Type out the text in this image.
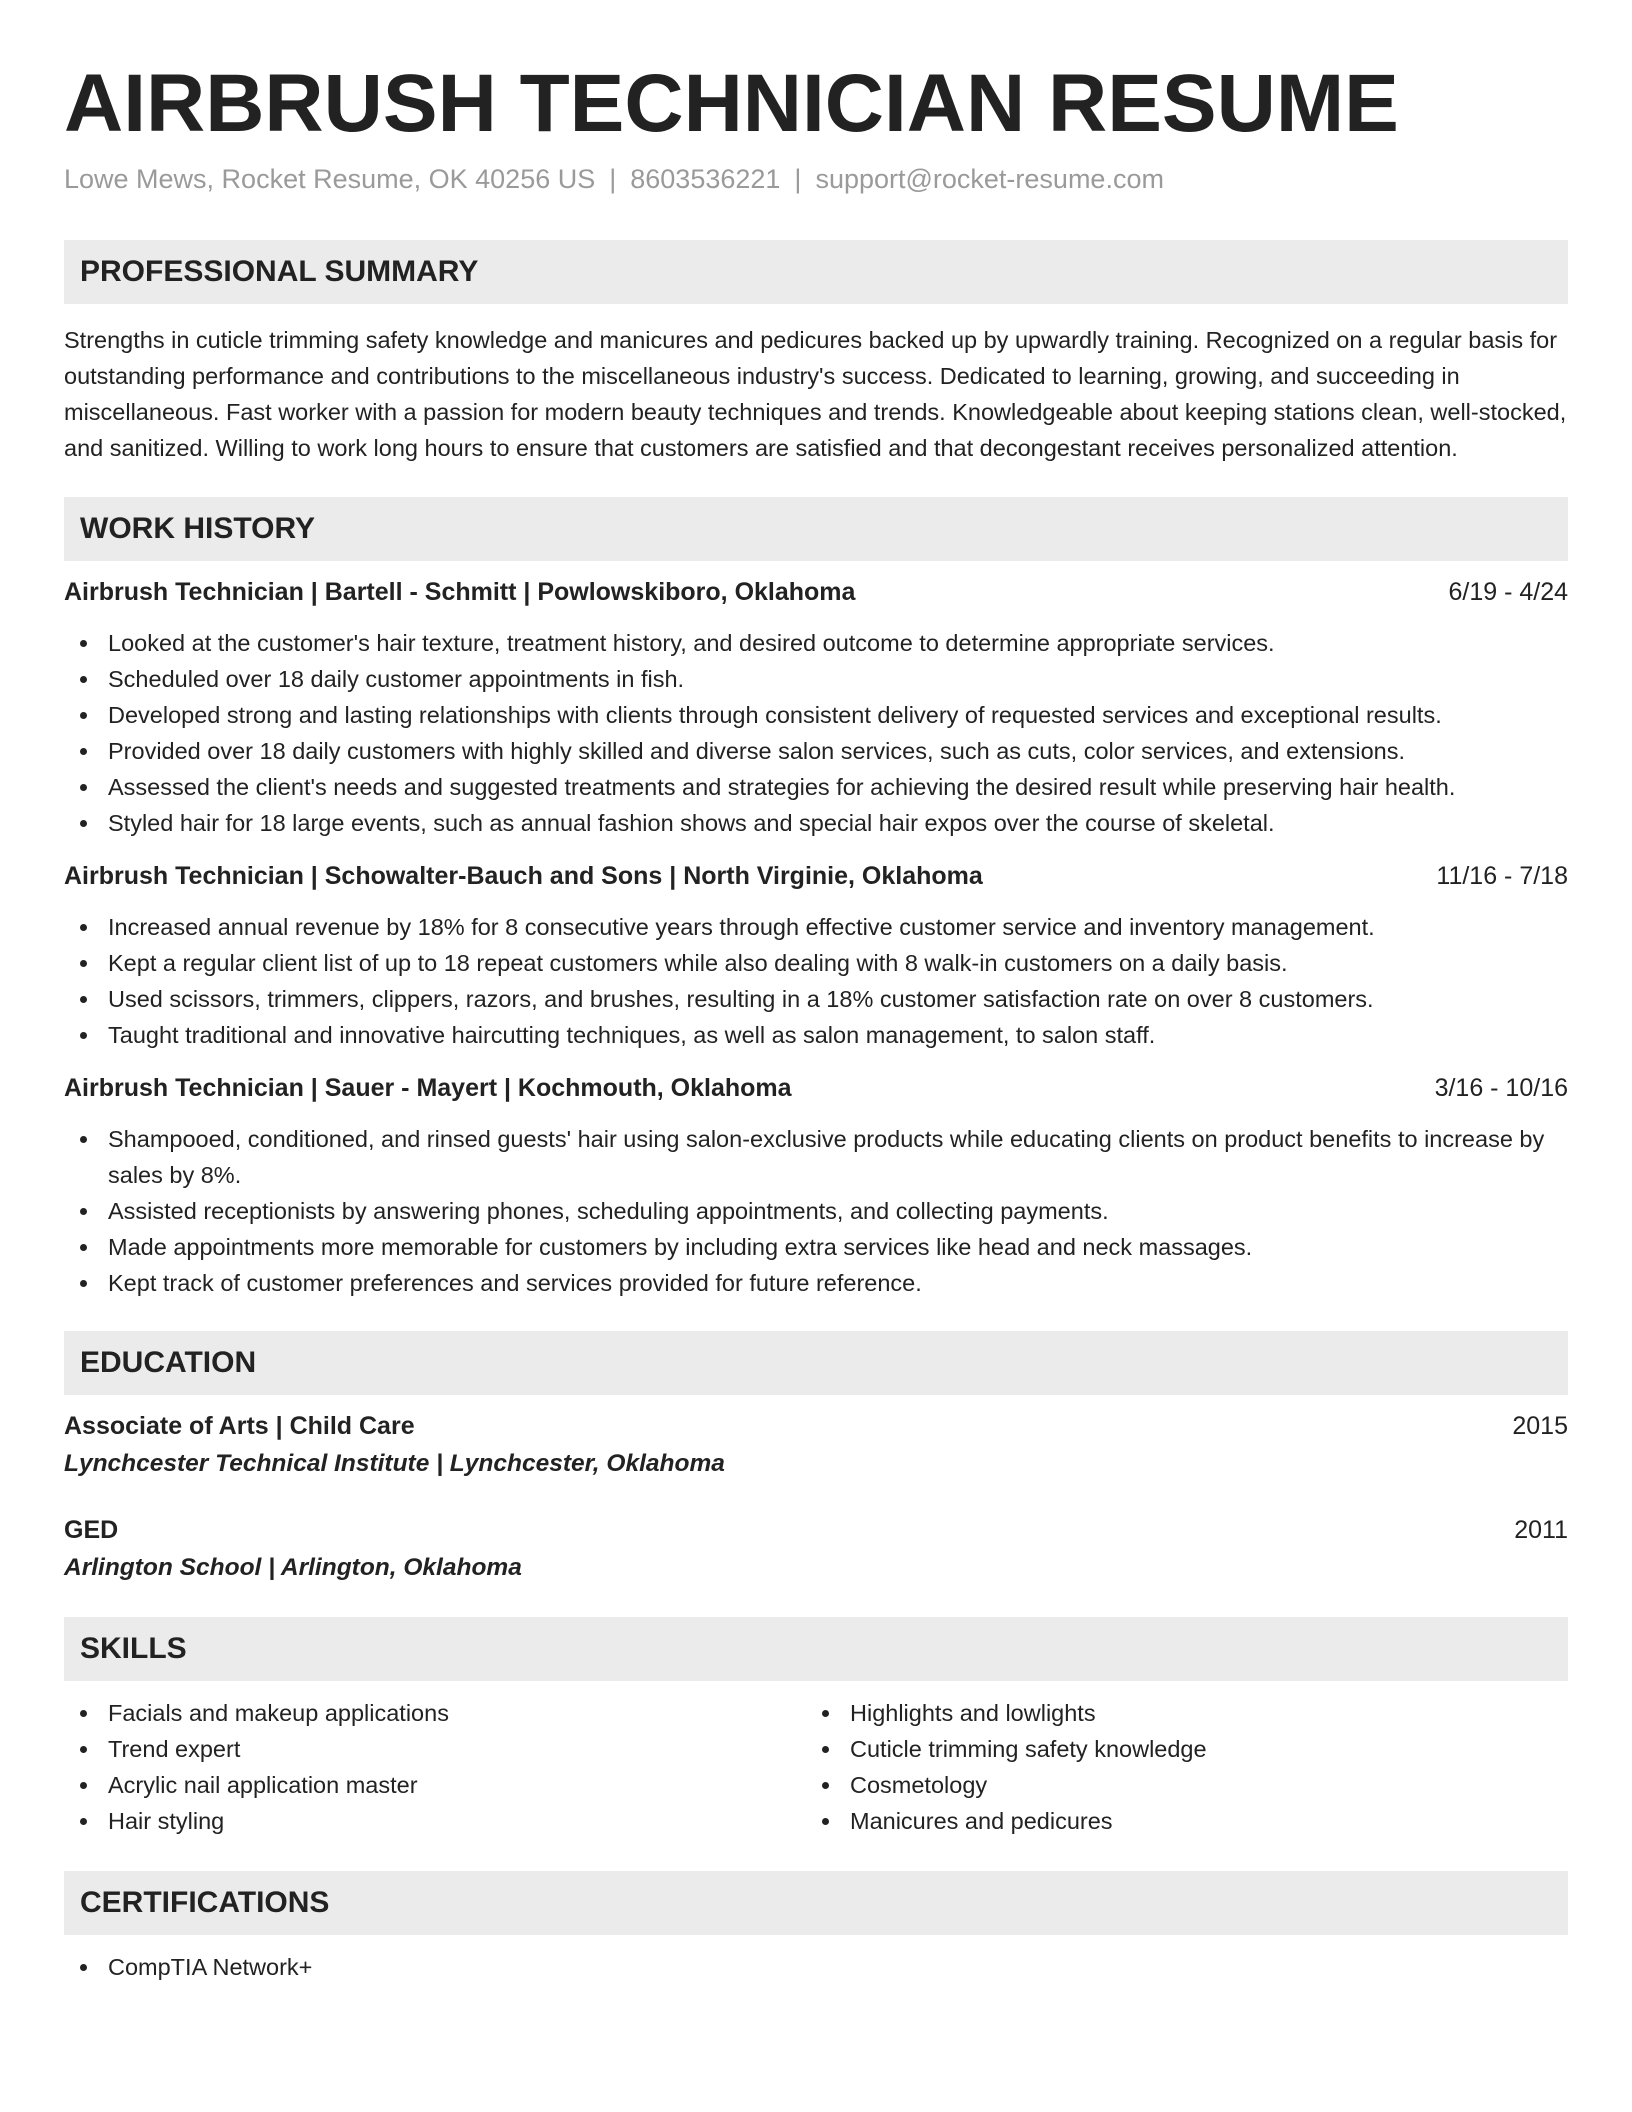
AIRBRUSH TECHNICIAN RESUME
Lowe Mews, Rocket Resume, OK 40256 US | 8603536221 | support@rocket-resume.com
PROFESSIONAL SUMMARY

Strengths in cuticle trimming safety knowledge and manicures and pedicures backed up by upwardly training. Recognized on a regular basis for outstanding performance and contributions to the miscellaneous industry's success. Dedicated to learning, growing, and succeeding in miscellaneous. Fast worker with a passion for modern beauty techniques and trends. Knowledgeable about keeping stations clean, well-stocked, and sanitized. Willing to work long hours to ensure that customers are satisfied and that decongestant receives personalized attention.

WORK HISTORY
Airbrush Technician | Bartell - Schmitt | Powlowskiboro, Oklahoma	6/19 - 4/24
Looked at the customer's hair texture, treatment history, and desired outcome to determine appropriate services.
Scheduled over 18 daily customer appointments in fish.
Developed strong and lasting relationships with clients through consistent delivery of requested services and exceptional results.
Provided over 18 daily customers with highly skilled and diverse salon services, such as cuts, color services, and extensions.
Assessed the client's needs and suggested treatments and strategies for achieving the desired result while preserving hair health.
Styled hair for 18 large events, such as annual fashion shows and special hair expos over the course of skeletal.
Airbrush Technician | Schowalter-Bauch and Sons | North Virginie, Oklahoma	11/16 - 7/18
Increased annual revenue by 18% for 8 consecutive years through effective customer service and inventory management.
Kept a regular client list of up to 18 repeat customers while also dealing with 8 walk-in customers on a daily basis.
Used scissors, trimmers, clippers, razors, and brushes, resulting in a 18% customer satisfaction rate on over 8 customers.
Taught traditional and innovative haircutting techniques, as well as salon management, to salon staff.
Airbrush Technician | Sauer - Mayert | Kochmouth, Oklahoma	3/16 - 10/16
Shampooed, conditioned, and rinsed guests' hair using salon-exclusive products while educating clients on product benefits to increase by sales by 8%.
Assisted receptionists by answering phones, scheduling appointments, and collecting payments.
Made appointments more memorable for customers by including extra services like head and neck massages.
Kept track of customer preferences and services provided for future reference.
EDUCATION
Associate of Arts | Child Care	2015
Lynchcester Technical Institute | Lynchcester, Oklahoma
GED	2011
Arlington School | Arlington, Oklahoma
SKILLS
Facials and makeup applications
Trend expert
Acrylic nail application master
Hair styling
Highlights and lowlights
Cuticle trimming safety knowledge
Cosmetology
Manicures and pedicures
CERTIFICATIONS
CompTIA Network+
